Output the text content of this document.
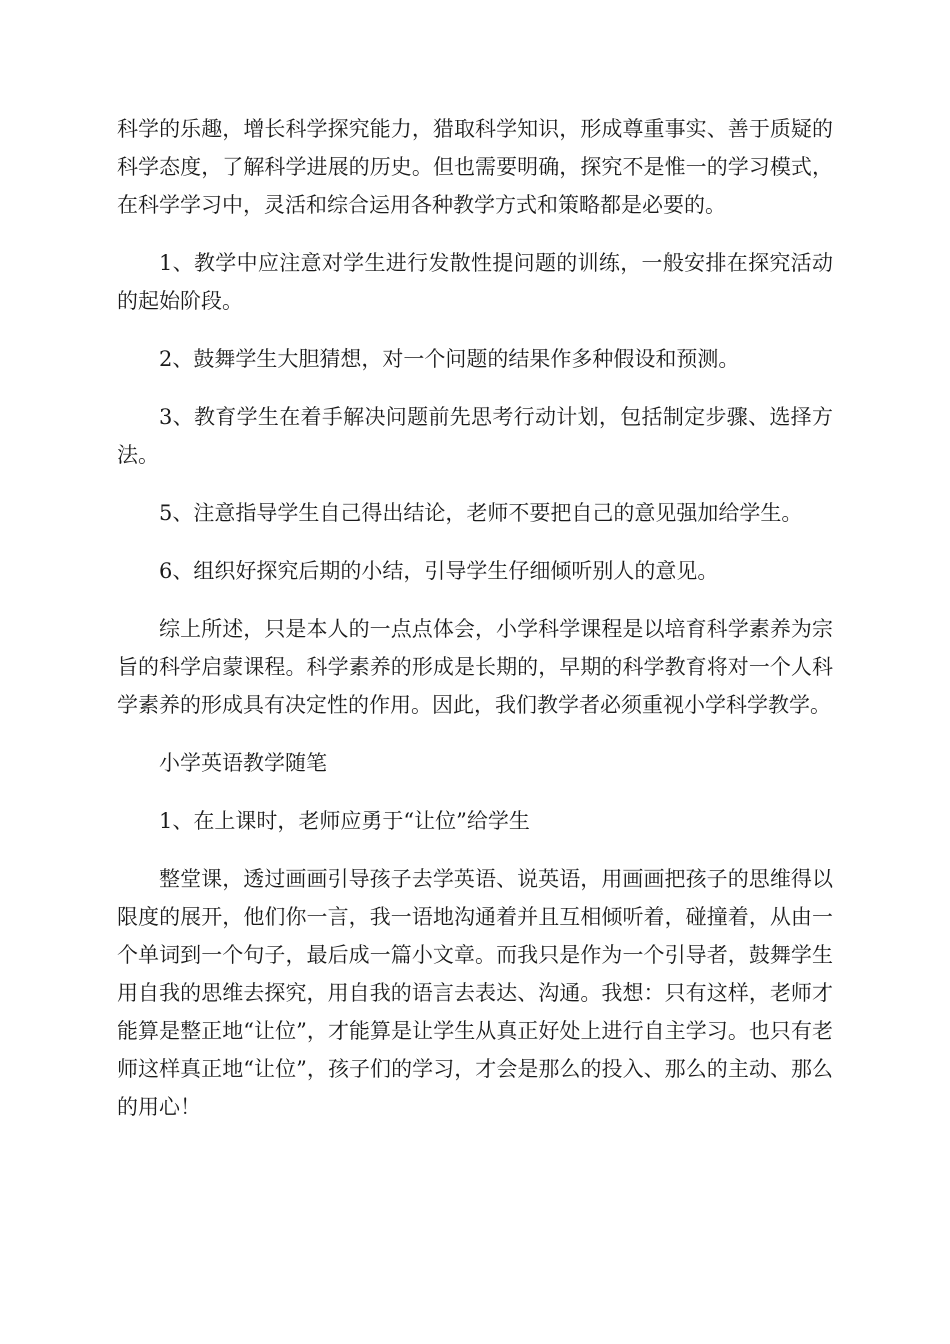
科学的乐趣，增长科学探究能力，猎取科学知识，形成尊重事实、善于质疑的科学态度，了解科学进展的历史。但也需要明确，探究不是惟一的学习模式，在科学学习中，灵活和综合运用各种教学方式和策略都是必要的。

1、教学中应注意对学生进行发散性提问题的训练，一般安排在探究活动的起始阶段。

2、鼓舞学生大胆猜想，对一个问题的结果作多种假设和预测。

3、教育学生在着手解决问题前先思考行动计划，包括制定步骤、选择方法。

5、注意指导学生自己得出结论，老师不要把自己的意见强加给学生。

6、组织好探究后期的小结，引导学生仔细倾听别人的意见。

综上所述，只是本人的一点点体会，小学科学课程是以培育科学素养为宗旨的科学启蒙课程。科学素养的形成是长期的，早期的科学教育将对一个人科学素养的形成具有决定性的作用。因此，我们教学者必须重视小学科学教学。

小学英语教学随笔

1、在上课时，老师应勇于“让位”给学生

整堂课，透过画画引导孩子去学英语、说英语，用画画把孩子的思维得以限度的展开，他们你一言，我一语地沟通着并且互相倾听着，碰撞着，从由一个单词到一个句子，最后成一篇小文章。而我只是作为一个引导者，鼓舞学生用自我的思维去探究，用自我的语言去表达、沟通。我想：只有这样，老师才能算是整正地“让位”，才能算是让学生从真正好处上进行自主学习。也只有老师这样真正地“让位”，孩子们的学习，才会是那么的投入、那么的主动、那么的用心！
